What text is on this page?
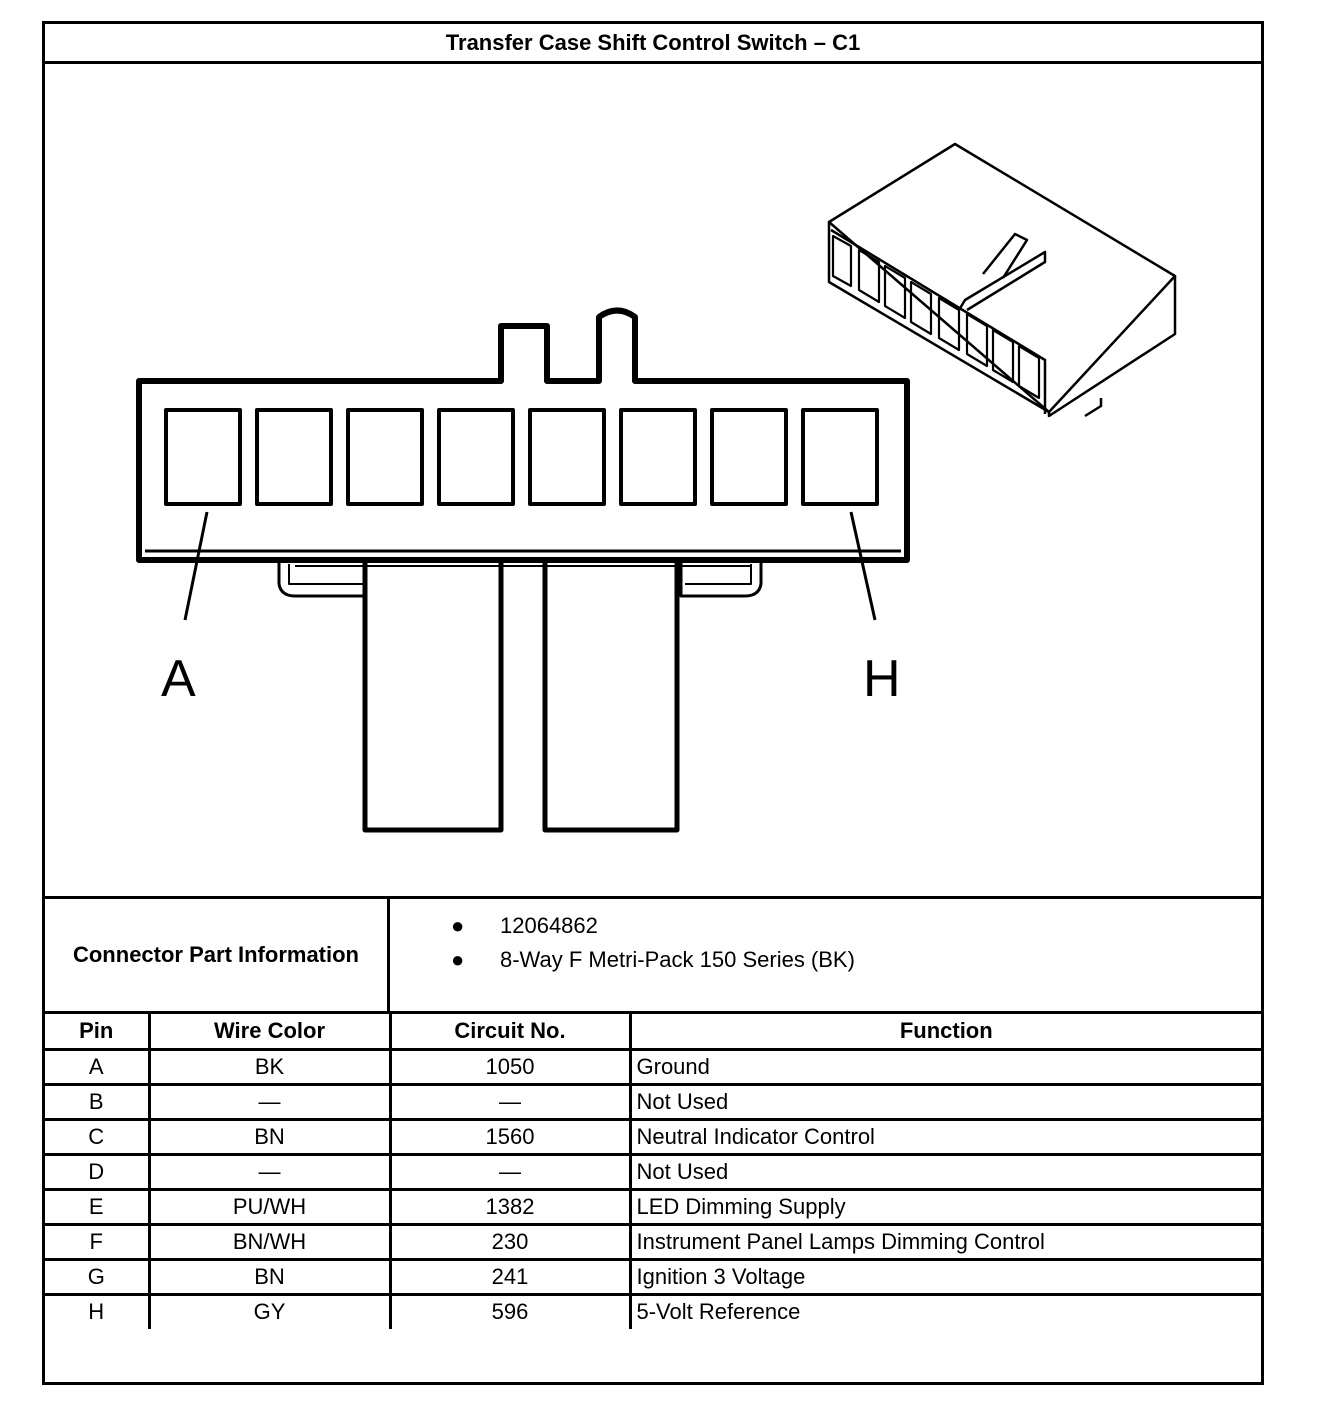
Transfer Case Shift Control Switch – C1
A	H
Connector Part Information
● 12064862
● 8-Way F Metri-Pack 150 Series (BK)
Pin	Wire Color	Circuit No.	Function
A	BK	1050	Ground
B	—	—	Not Used
C	BN	1560	Neutral Indicator Control
D	—	—	Not Used
E	PU/WH	1382	LED Dimming Supply
F	BN/WH	230	Instrument Panel Lamps Dimming Control
G	BN	241	Ignition 3 Voltage
H	GY	596	5-Volt Reference
